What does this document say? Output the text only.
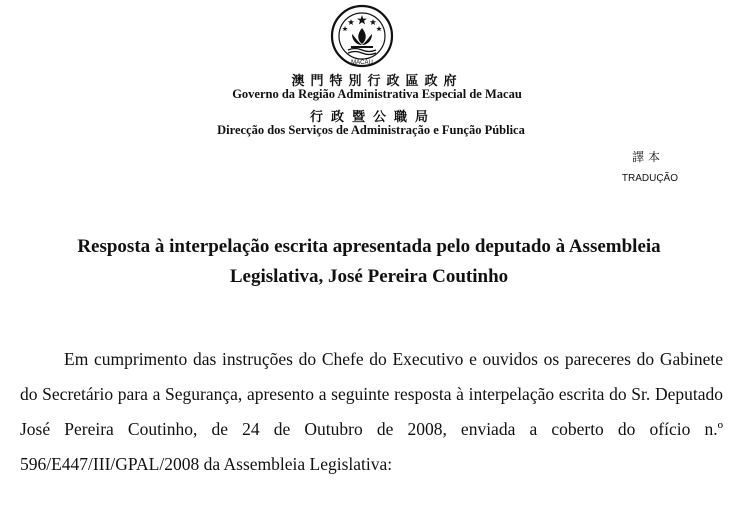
MACAU
澳門特別行政區政府
Governo da Região Administrativa Especial de Macau
行政暨公職局
Direcção dos Serviços de Administração e Função Pública
譯本
TRADUÇÃO
Resposta à interpelação escrita apresentada pelo deputado à Assembleia
Legislativa, José Pereira Coutinho
Em cumprimento das instruções do Chefe do Executivo e ouvidos os pareceres do Gabinete do Secretário para a Segurança, apresento a seguinte resposta à interpelação escrita do Sr. Deputado José Pereira Coutinho, de 24 de Outubro de 2008, enviada a coberto do ofício n.º 596/E447/III/GPAL/2008 da Assembleia Legislativa:
